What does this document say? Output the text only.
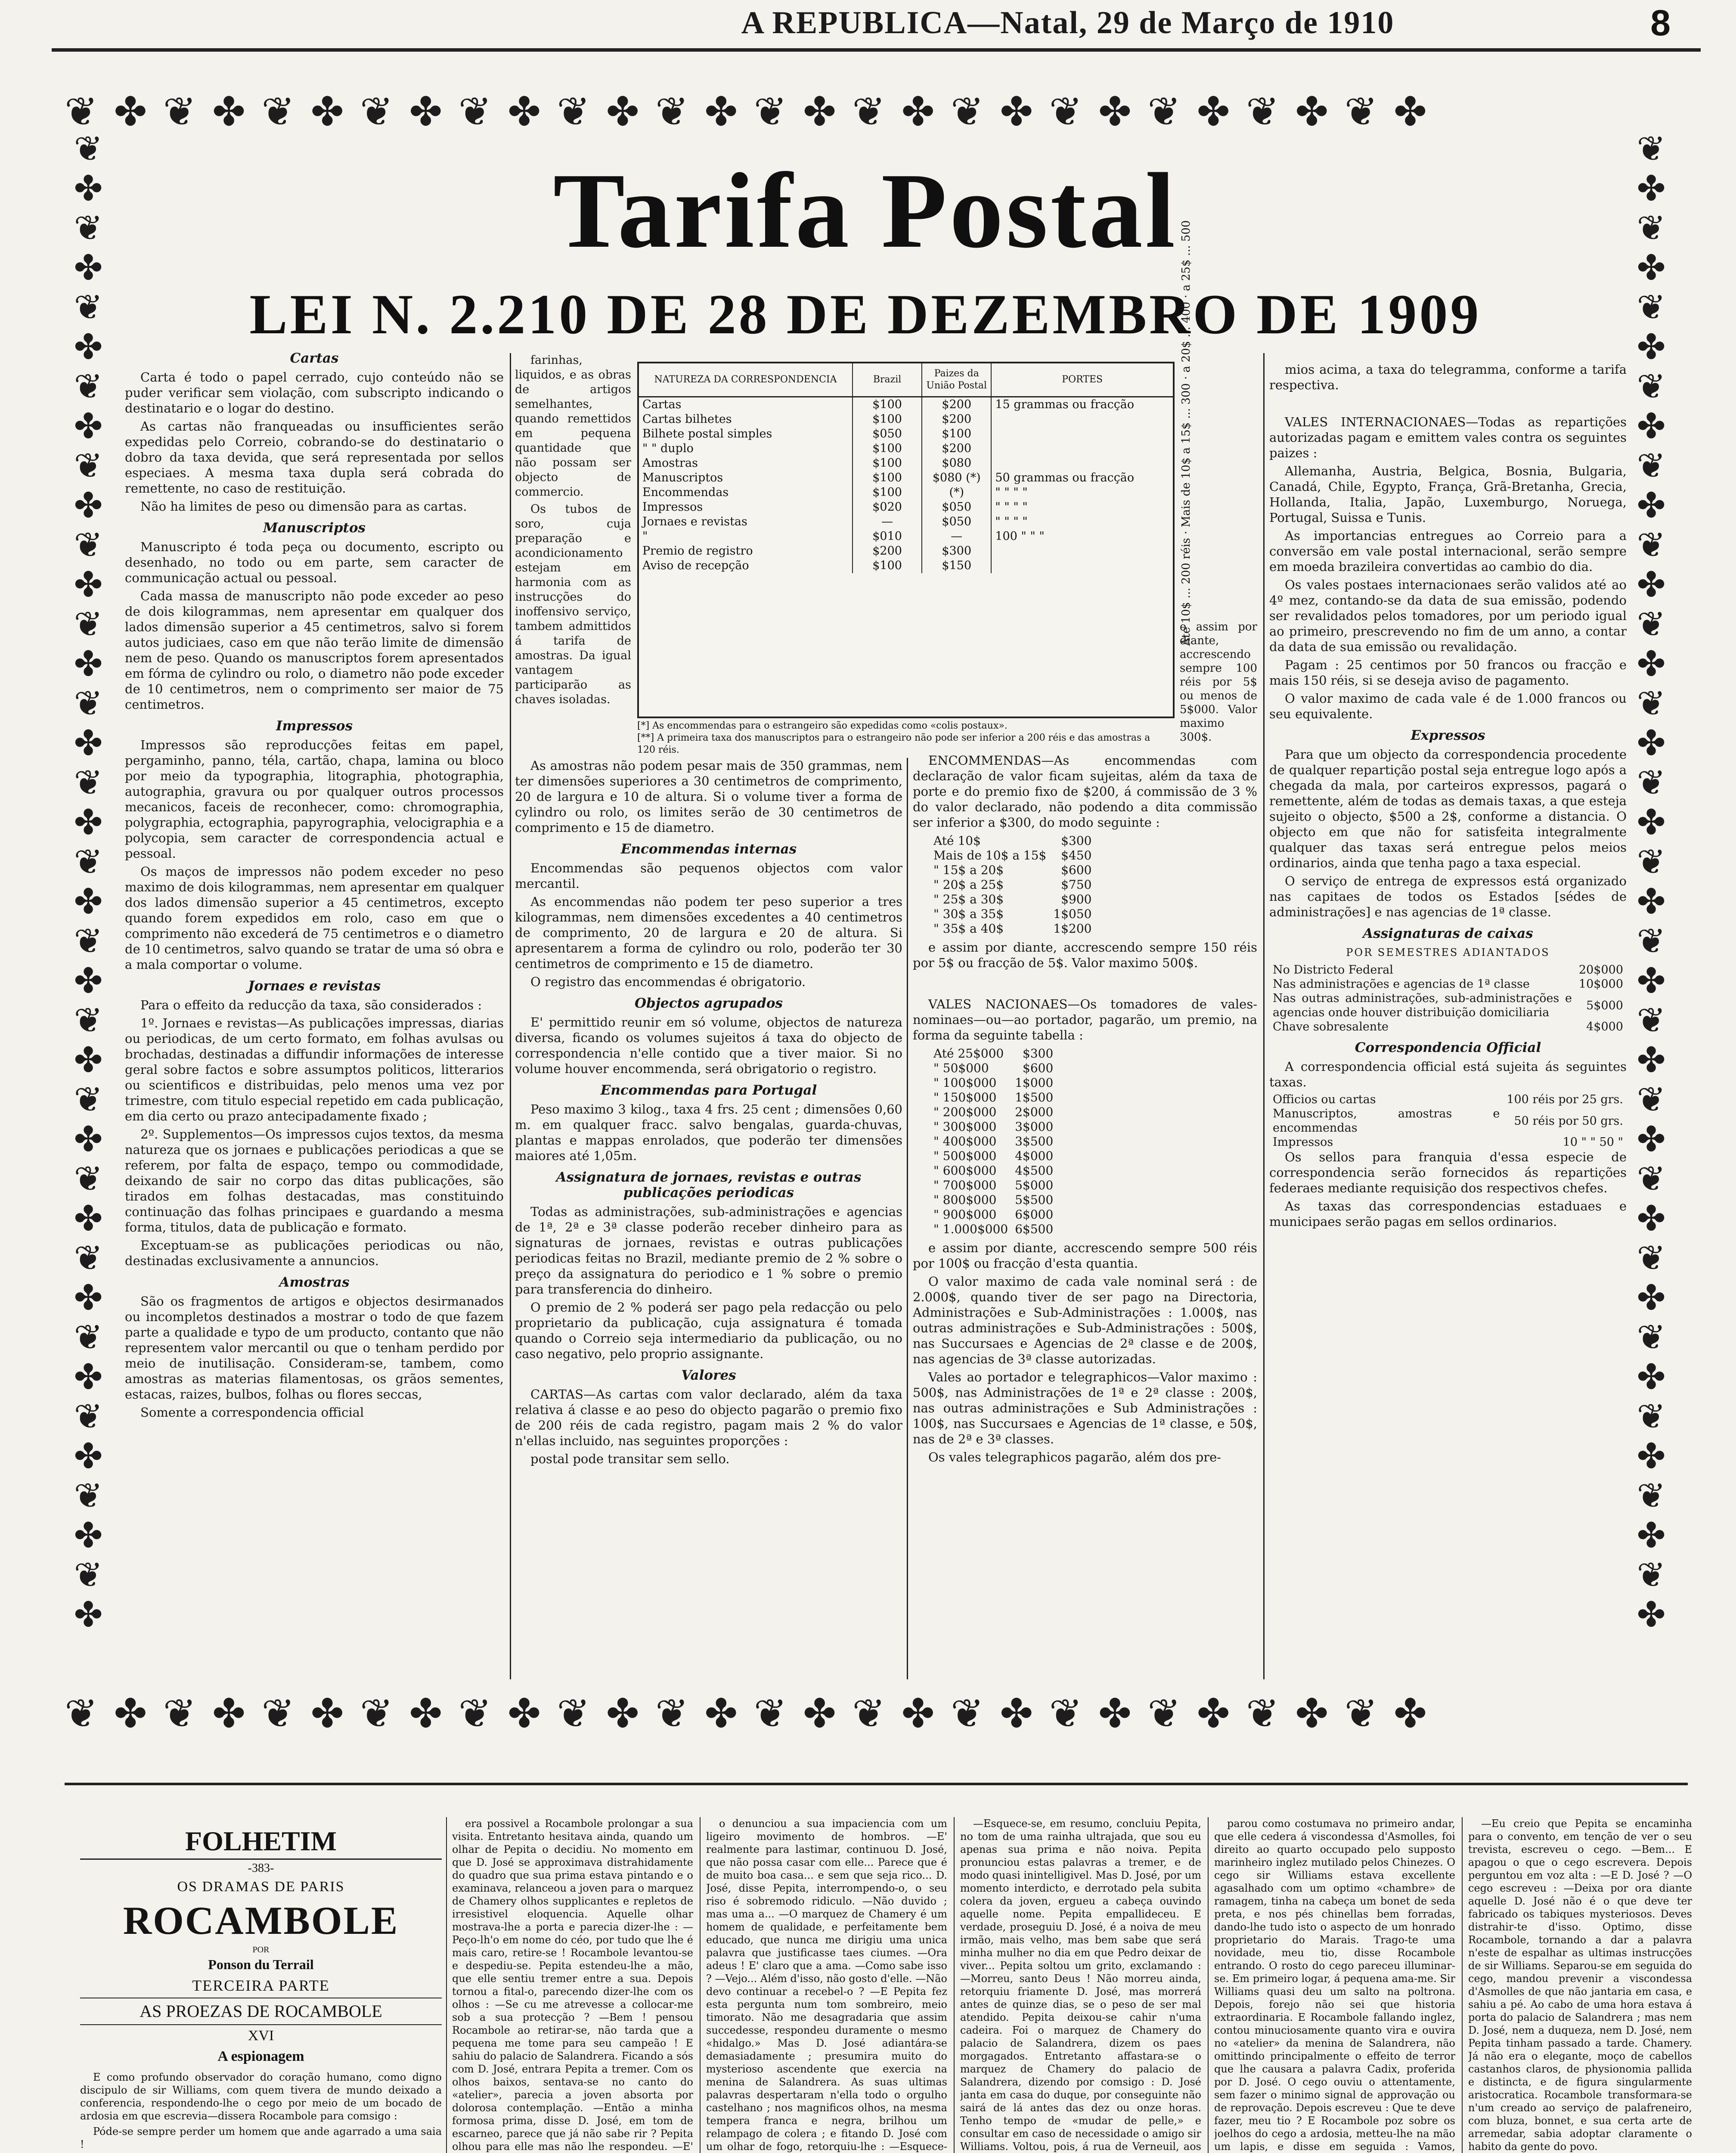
A REPUBLICA—Natal, 29 de Março de 1910	8
❦ ✤ ❦ ✤ ❦ ✤ ❦ ✤ ❦ ✤ ❦ ✤ ❦ ✤ ❦ ✤ ❦ ✤ ❦ ✤ ❦ ✤ ❦ ✤ ❦ ✤ ❦ ✤
❦ ✤ ❦ ✤ ❦ ✤ ❦ ✤ ❦ ✤ ❦ ✤ ❦ ✤ ❦ ✤ ❦ ✤ ❦ ✤ ❦ ✤ ❦ ✤ ❦ ✤ ❦ ✤
❦ ✤ ❦ ✤ ❦ ✤ ❦ ✤ ❦ ✤ ❦ ✤ ❦ ✤ ❦ ✤ ❦ ✤ ❦ ✤ ❦ ✤ ❦ ✤ ❦ ✤ ❦ ✤ ❦ ✤ ❦ ✤ ❦ ✤ ❦ ✤ ❦ ✤
❦ ✤ ❦ ✤ ❦ ✤ ❦ ✤ ❦ ✤ ❦ ✤ ❦ ✤ ❦ ✤ ❦ ✤ ❦ ✤ ❦ ✤ ❦ ✤ ❦ ✤ ❦ ✤ ❦ ✤ ❦ ✤ ❦ ✤ ❦ ✤ ❦ ✤
Tarifa Postal
LEI N. 2.210 DE 28 DE DEZEMBRO DE 1909
Cartas

Carta é todo o papel cerrado, cujo conteúdo não se puder verificar sem violação, com subscripto indicando o destinatario e o logar do destino.

As cartas não franqueadas ou insufficientes serão expedidas pelo Correio, cobrando-se do destinatario o dobro da taxa devida, que será representada por sellos especiaes. A mesma taxa dupla será cobrada do remettente, no caso de restituição.

Não ha limites de peso ou dimensão para as cartas.

Manuscriptos

Manuscripto é toda peça ou documento, escripto ou desenhado, no todo ou em parte, sem caracter de communicação actual ou pessoal.

Cada massa de manuscripto não pode exceder ao peso de dois kilogrammas, nem apresentar em qualquer dos lados dimensão superior a 45 centimetros, salvo si forem autos judiciaes, caso em que não terão limite de dimensão nem de peso. Quando os manuscriptos forem apresentados em fórma de cylindro ou rolo, o diametro não pode exceder de 10 centimetros, nem o comprimento ser maior de 75 centimetros.

Impressos

Impressos são reproducções feitas em papel, pergaminho, panno, téla, cartão, chapa, lamina ou bloco por meio da typographia, litographia, photographia, autographia, gravura ou por qualquer outros processos mecanicos, faceis de reconhecer, como: chromographia, polygraphia, ectographia, papyrographia, velocigraphia e a polycopia, sem caracter de correspondencia actual e pessoal.

Os maços de impressos não podem exceder no peso maximo de dois kilogrammas, nem apresentar em qualquer dos lados dimensão superior a 45 centimetros, excepto quando forem expedidos em rolo, caso em que o comprimento não excederá de 75 centimetros e o diametro de 10 centimetros, salvo quando se tratar de uma só obra e a mala comportar o volume.

Jornaes e revistas

Para o effeito da reducção da taxa, são considerados :

1º. Jornaes e revistas—As publicações impressas, diarias ou periodicas, de um certo formato, em folhas avulsas ou brochadas, destinadas a diffundir informações de interesse geral sobre factos e sobre assumptos politicos, litterarios ou scientificos e distribuidas, pelo menos uma vez por trimestre, com titulo especial repetido em cada publicação, em dia certo ou prazo antecipadamente fixado ;

2º. Supplementos—Os impressos cujos textos, da mesma natureza que os jornaes e publicações periodicas a que se referem, por falta de espaço, tempo ou commodidade, deixando de sair no corpo das ditas publicações, são tirados em folhas destacadas, mas constituindo continuação das folhas principaes e guardando a mesma forma, titulos, data de publicação e formato.

Exceptuam-se as publicações periodicas ou não, destinadas exclusivamente a annuncios.

Amostras

São os fragmentos de artigos e objectos desirmanados ou incompletos destinados a mostrar o todo de que fazem parte a qualidade e typo de um producto, contanto que não representem valor mercantil ou que o tenham perdido por meio de inutilisação. Consideram-se, tambem, como amostras as materias filamentosas, os grãos sementes, estacas, raizes, bulbos, folhas ou flores seccas,

Somente a correspondencia official

farinhas, liquidos, e as obras de artigos semelhantes, quando remettidos em pequena quantidade que não possam ser objecto de commercio.

Os tubos de soro, cuja preparação e acondicionamento estejam em harmonia com as instrucções do inoffensivo serviço, tambem admittidos á tarifa de amostras. Da igual vantagem participarão as chaves isoladas.

As amostras não podem pesar mais de 350 grammas, nem ter dimensões superiores a 30 centimetros de comprimento, 20 de largura e 10 de altura. Si o volume tiver a forma de cylindro ou rolo, os limites serão de 30 centimetros de comprimento e 15 de diametro.

Encommendas internas

Encommendas são pequenos objectos com valor mercantil.

As encommendas não podem ter peso superior a tres kilogrammas, nem dimensões excedentes a 40 centimetros de comprimento, 20 de largura e 20 de altura. Si apresentarem a forma de cylindro ou rolo, poderão ter 30 centimetros de comprimento e 15 de diametro.

O registro das encommendas é obrigatorio.

Objectos agrupados

E' permittido reunir em só volume, objectos de natureza diversa, ficando os volumes sujeitos á taxa do objecto de correspondencia n'elle contido que a tiver maior. Si no volume houver encommenda, será obrigatorio o registro.

Encommendas para Portugal

Peso maximo 3 kilog., taxa 4 frs. 25 cent ; dimensões 0,60 m. em qualquer fracc. salvo bengalas, guarda-chuvas, plantas e mappas enrolados, que poderão ter dimensões maiores até 1,05m.

Assignatura de jornaes, revistas e outras publicações periodicas

Todas as administrações, sub-administrações e agencias de 1ª, 2ª e 3ª classe poderão receber dinheiro para as signaturas de jornaes, revistas e outras publicações periodicas feitas no Brazil, mediante premio de 2 % sobre o preço da assignatura do periodico e 1 % sobre o premio para transferencia do dinheiro.

O premio de 2 % poderá ser pago pela redacção ou pelo proprietario da publicação, cuja assignatura é tomada quando o Correio seja intermediario da publicação, ou no caso negativo, pelo proprio assignante.

Valores

CARTAS—As cartas com valor declarado, além da taxa relativa á classe e ao peso do objecto pagarão o premio fixo de 200 réis de cada registro, pagam mais 2 % do valor n'ellas incluido, nas seguintes proporções :

postal pode transitar sem sello.

NATUREZA DA CORRESPONDENCIA	Brazil	Paizes da União Postal	PORTES
Cartas	$100	$200	15 grammas ou fracção
Cartas bilhetes	$100	$200	
Bilhete postal simples	$050	$100	
" " duplo	$100	$200	
Amostras	$100	$080	
Manuscriptos	$100	$080 (*)	50 grammas ou fracção
Encommendas	$100	(*)	" " " "
Impressos	$020	$050	" " " "
Jornaes e revistas	—	$050	" " " "
"	$010	—	100 " " "
Premio de registro	$200	$300	
Aviso de recepção	$100	$150	
[*] As encommendas para o estrangeiro são expedidas como «colis postaux».
[**] A primeira taxa dos manuscriptos para o estrangeiro não pode ser inferior a 200 réis e das amostras a 120 réis.
Até 10$ ... 200 réis · Mais de 10$ a 15$ ... 300 · a 20$ ... 400 · a 25$ ... 500
e assim por diante, accrescendo sempre 100 réis por 5$ ou menos de 5$000. Valor maximo 300$.

ENCOMMENDAS—As encommendas com declaração de valor ficam sujeitas, além da taxa de porte e do premio fixo de $200, á commissão de 3 % do valor declarado, não podendo a dita commissão ser inferior a $300, do modo seguinte :

Até 10$	$300
Mais de 10$ a 15$	$450
" 15$ a 20$	$600
" 20$ a 25$	$750
" 25$ a 30$	$900
" 30$ a 35$	1$050
" 35$ a 40$	1$200

e assim por diante, accrescendo sempre 150 réis por 5$ ou fracção de 5$. Valor maximo 500$.

VALES NACIONAES—Os tomadores de vales-nominaes—ou—ao portador, pagarão, um premio, na forma da seguinte tabella :

Até 25$000	$300
" 50$000	$600
" 100$000	1$000
" 150$000	1$500
" 200$000	2$000
" 300$000	3$000
" 400$000	3$500
" 500$000	4$000
" 600$000	4$500
" 700$000	5$000
" 800$000	5$500
" 900$000	6$000
" 1.000$000	6$500

e assim por diante, accrescendo sempre 500 réis por 100$ ou fracção d'esta quantia.

O valor maximo de cada vale nominal será : de 2.000$, quando tiver de ser pago na Directoria, Administrações e Sub-Administrações : 1.000$, nas outras administrações e Sub-Administrações : 500$, nas Succursaes e Agencias de 2ª classe e de 200$, nas agencias de 3ª classe autorizadas.

Vales ao portador e telegraphicos—Valor maximo : 500$, nas Administrações de 1ª e 2ª classe : 200$, nas outras administrações e Sub Administrações : 100$, nas Succursaes e Agencias de 1ª classe, e 50$, nas de 2ª e 3ª classes.

Os vales telegraphicos pagarão, além dos pre-

mios acima, a taxa do telegramma, conforme a tarifa respectiva.

VALES INTERNACIONAES—Todas as repartições autorizadas pagam e emittem vales contra os seguintes paizes :

Allemanha, Austria, Belgica, Bosnia, Bulgaria, Canadá, Chile, Egypto, França, Grã-Bretanha, Grecia, Hollanda, Italia, Japão, Luxemburgo, Noruega, Portugal, Suissa e Tunis.

As importancias entregues ao Correio para a conversão em vale postal internacional, serão sempre em moeda brazileira convertidas ao cambio do dia.

Os vales postaes internacionaes serão validos até ao 4º mez, contando-se da data de sua emissão, podendo ser revalidados pelos tomadores, por um periodo igual ao primeiro, prescrevendo no fim de um anno, a contar da data de sua emissão ou revalidação.

Pagam : 25 centimos por 50 francos ou fracção e mais 150 réis, si se deseja aviso de pagamento.

O valor maximo de cada vale é de 1.000 francos ou seu equivalente.

Expressos

Para que um objecto da correspondencia procedente de qualquer repartição postal seja entregue logo após a chegada da mala, por carteiros expressos, pagará o remettente, além de todas as demais taxas, a que esteja sujeito o objecto, $500 a 2$, conforme a distancia. O objecto em que não for satisfeita integralmente qualquer das taxas será entregue pelos meios ordinarios, ainda que tenha pago a taxa especial.

O serviço de entrega de expressos está organizado nas capitaes de todos os Estados [sédes de administrações] e nas agencias de 1ª classe.

Assignaturas de caixas
POR SEMESTRES ADIANTADOS
No Districto Federal	20$000
Nas administrações e agencias de 1ª classe	10$000
Nas outras administrações, sub-administrações e agencias onde houver distribuição domiciliaria	5$000
Chave sobresalente	4$000
Correspondencia Official

A correspondencia official está sujeita ás seguintes taxas.

Officios ou cartas	100 réis por 25 grs.
Manuscriptos, amostras e encommendas	50 réis por 50 grs.
Impressos	10 " " 50 "

Os sellos para franquia d'essa especie de correspondencia serão fornecidos ás repartições federaes mediante requisição dos respectivos chefes.

As taxas das correspondencias estaduaes e municipaes serão pagas em sellos ordinarios.

FOLHETIM
-383-
OS DRAMAS DE PARIS
ROCAMBOLE
POR
Ponson du Terrail
TERCEIRA PARTE
AS PROEZAS DE ROCAMBOLE
XVI
A espionagem

E como profundo observador do coração humano, como digno discipulo de sir Williams, com quem tivera de mundo deixado a conferencia, respondendo-lhe o cego por meio de um bocado de ardosia em que escrevia—dissera Rocambole para comsigo :

Póde-se sempre perder um homem que ande agarrado a uma saia !

era possivel a Rocambole prolongar a sua visita. Entretanto hesitava ainda, quando um olhar de Pepita o decidiu. No momento em que D. José se approximava distrahidamente do quadro que sua prima estava pintando e o examinava, relanceou a joven para o marquez de Chamery olhos supplicantes e repletos de irresistivel eloquencia. Aquelle olhar mostrava-lhe a porta e parecia dizer-lhe : —Peço-lh'o em nome do céo, por tudo que lhe é mais caro, retire-se ! Rocambole levantou-se e despediu-se. Pepita estendeu-lhe a mão, que elle sentiu tremer entre a sua. Depois tornou a fital-o, parecendo dizer-lhe com os olhos : —Se cu me atrevesse a collocar-me sob a sua protecção ? —Bem ! pensou Rocambole ao retirar-se, não tarda que a pequena me tome para seu campeão ! E sahiu do palacio de Salandrera. Ficando a sós com D. José, entrara Pepita a tremer. Com os olhos baixos, sentava-se no canto do «atelier», parecia a joven absorta por dolorosa contemplação. —Então a minha formosa prima, disse D. José, em tom de escarneo, parece que já não sabe rir ? Pepita olhou para elle mas não lhe respondeu. —E'

o denunciou a sua impaciencia com um ligeiro movimento de hombros. —E' realmente para lastimar, continuou D. José, que não possa casar com elle... Parece que é de muito boa casa... e sem que seja rico... D. José, disse Pepita, interrompendo-o, o seu riso é sobremodo ridiculo. —Não duvido ; mas uma a... —O marquez de Chamery é um homem de qualidade, e perfeitamente bem educado, que nunca me dirigiu uma unica palavra que justificasse taes ciumes. —Ora adeus ! E' claro que a ama. —Como sabe isso ? —Vejo... Além d'isso, não gosto d'elle. —Não devo continuar a recebel-o ? —E Pepita fez esta pergunta num tom sombreiro, meio timorato. Não me desagradaria que assim succedesse, respondeu duramente o mesmo «hidalgo.» Mas D. José adiantára-se demasiadamente ; presumira muito do mysterioso ascendente que exercia na menina de Salandrera. As suas ultimas palavras despertaram n'ella todo o orgulho castelhano ; nos magnificos olhos, na mesma tempera franca e negra, brilhou um relampago de colera ; e fitando D. José com um olhar de fogo, retorquiu-lhe : —Esquece-

—Esquece-se, em resumo, concluiu Pepita, no tom de uma rainha ultrajada, que sou eu apenas sua prima e não noiva. Pepita pronunciou estas palavras a tremer, e de modo quasi inintelligivel. Mas D. José, por um momento interdicto, e derrotado pela subita colera da joven, ergueu a cabeça ouvindo aquelle nome. Pepita empallideceu. E verdade, proseguiu D. José, é a noiva de meu irmão, mais velho, mas bem sabe que será minha mulher no dia em que Pedro deixar de viver... Pepita soltou um grito, exclamando : —Morreu, santo Deus ! Não morreu ainda, retorquiu friamente D. José, mas morrerá antes de quinze dias, se o peso de ser mal atendido. Pepita deixou-se cahir n'uma cadeira. Foi o marquez de Chamery do palacio de Salandrera, dizem os paes morgagados. Entretanto affastara-se o marquez de Chamery do palacio de Salandrera, dizendo por comsigo : D. José janta em casa do duque, por conseguinte não sairá de lá antes das dez ou onze horas. Tenho tempo de «mudar de pelle,» e consultar em caso de necessidade o amigo sir Williams. Voltou, pois, á rua de Verneuil, aos

parou como costumava no primeiro andar, que elle cedera á viscondessa d'Asmolles, foi direito ao quarto occupado pelo supposto marinheiro inglez mutilado pelos Chinezes. O cego sir Williams estava excellente agasalhado com um optimo «chambre» de ramagem, tinha na cabeça um bonet de seda preta, e nos pés chinellas bem forradas, dando-lhe tudo isto o aspecto de um honrado proprietario do Marais. Trago-te uma novidade, meu tio, disse Rocambole entrando. O rosto do cego pareceu illuminar-se. Em primeiro logar, á pequena ama-me. Sir Williams quasi deu um salto na poltrona. Depois, forejo não sei que historia extraordinaria. E Rocambole fallando inglez, contou minuciosamente quanto vira e ouvira no «atelier» da menina de Salandrera, não omittindo principalmente o effeito de terror que lhe causara a palavra Cadix, proferida por D. José. O cego ouviu o attentamente, sem fazer o minimo signal de approvação ou de reprovação. Depois escreveu : Que te deve fazer, meu tio ? E Rocambole poz sobre os joelhos do cego a ardosia, metteu-lhe na mão um lapis, e disse em seguida : Vamos,

—Eu creio que Pepita se encaminha para o convento, em tenção de ver o seu trevista, escreveu o cego. —Bem... E apagou o que o cego escrevera. Depois perguntou em voz alta : —E D. José ? —O cego escreveu : —Deixa por ora diante aquelle D. José não é o que deve ter fabricado os tabiques mysteriosos. Deves distrahir-te d'isso. Optimo, disse Rocambole, tornando a dar a palavra n'este de espalhar as ultimas instrucções de sir Williams. Separou-se em seguida do cego, mandou prevenir a viscondessa d'Asmolles de que não jantaria em casa, e sahiu a pé. Ao cabo de uma hora estava á porta do palacio de Salandrera ; mas nem D. José, nem a duqueza, nem D. José, nem Pepita tinham passado a tarde. Chamery. Já não era o elegante, moço de cabellos castanhos claros, de physionomia pallida e distincta, e de figura singularmente aristocratica. Rocambole transformara-se n'um creado ao serviço de palafreneiro, com bluza, bonnet, e sua certa arte de arremedar, sabia adoptar claramente o habito da gente do povo.
